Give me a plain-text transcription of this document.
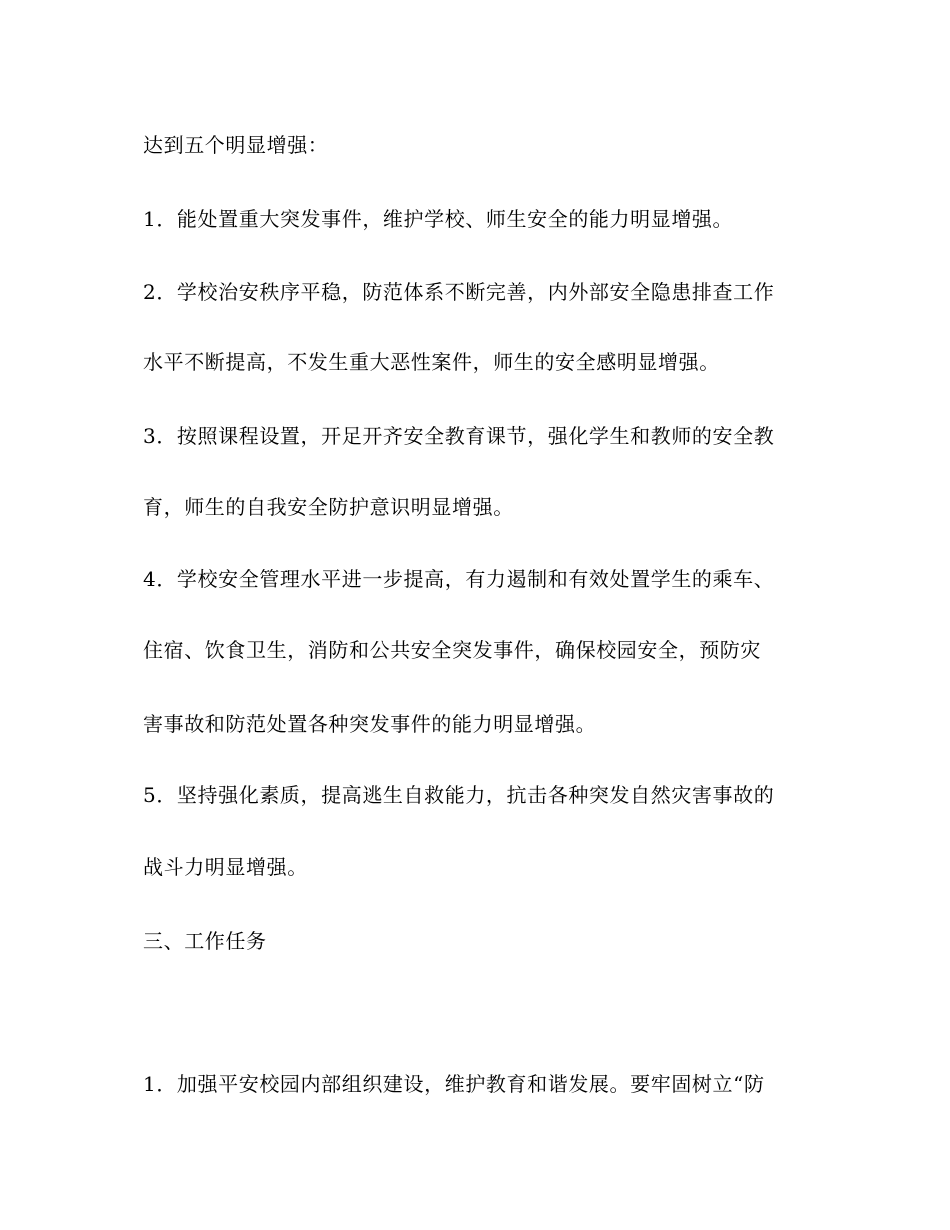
达到五个明显增强：
1．能处置重大突发事件，维护学校、师生安全的能力明显增强。
2．学校治安秩序平稳，防范体系不断完善，内外部安全隐患排查工作
水平不断提高，不发生重大恶性案件，师生的安全感明显增强。
3．按照课程设置，开足开齐安全教育课节，强化学生和教师的安全教
育，师生的自我安全防护意识明显增强。
4．学校安全管理水平进一步提高，有力遏制和有效处置学生的乘车、
住宿、饮食卫生，消防和公共安全突发事件，确保校园安全，预防灾
害事故和防范处置各种突发事件的能力明显增强。
5．坚持强化素质，提高逃生自救能力，抗击各种突发自然灾害事故的
战斗力明显增强。
三、工作任务
1．加强平安校园内部组织建设，维护教育和谐发展。要牢固树立“防
